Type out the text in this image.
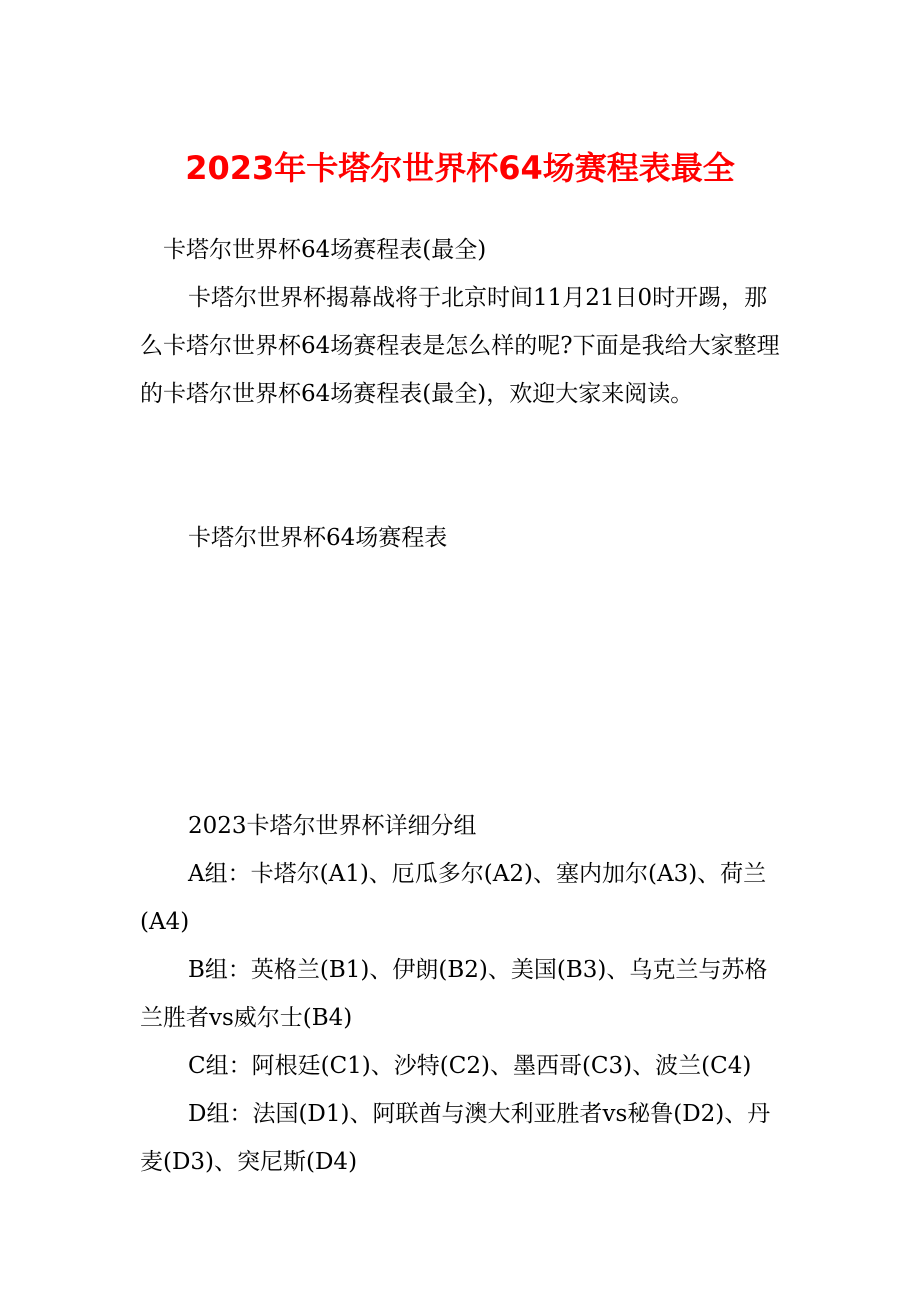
2023年卡塔尔世界杯64场赛程表最全

卡塔尔世界杯64场赛程表(最全)

卡塔尔世界杯揭幕战将于北京时间11月21日0时开踢，那么卡塔尔世界杯64场赛程表是怎么样的呢?下面是我给大家整理的卡塔尔世界杯64场赛程表(最全)，欢迎大家来阅读。

卡塔尔世界杯64场赛程表

2023卡塔尔世界杯详细分组

A组：卡塔尔(A1)、厄瓜多尔(A2)、塞内加尔(A3)、荷兰(A4)

B组：英格兰(B1)、伊朗(B2)、美国(B3)、乌克兰与苏格兰胜者vs威尔士(B4)

C组：阿根廷(C1)、沙特(C2)、墨西哥(C3)、波兰(C4)

D组：法国(D1)、阿联酋与澳大利亚胜者vs秘鲁(D2)、丹麦(D3)、突尼斯(D4)
